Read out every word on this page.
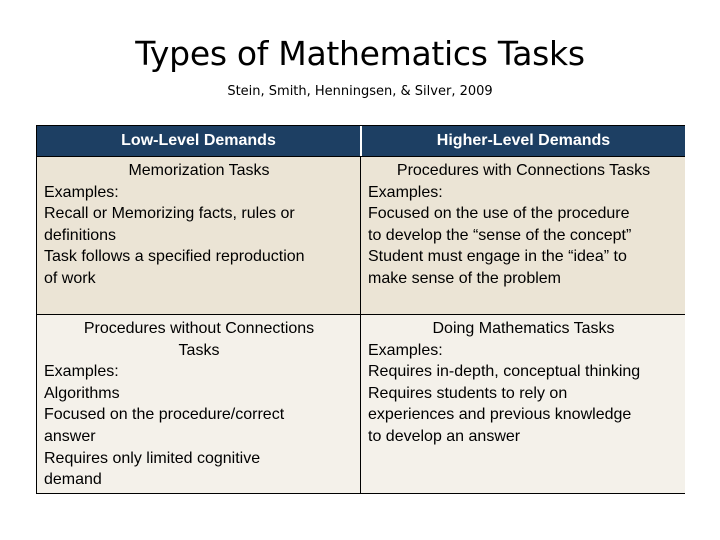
Types of Mathematics Tasks
Stein, Smith, Henningsen, & Silver, 2009
Low-Level Demands	Higher-Level Demands
Memorization Tasks
Examples:
Recall or Memorizing facts, rules or
definitions
Task follows a specified reproduction
of work
Procedures with Connections Tasks
Examples:
Focused on the use of the procedure
to develop the “sense of the concept”
Student must engage in the “idea” to
make sense of the problem
Procedures without Connections
Tasks
Examples:
Algorithms
Focused on the procedure/correct
answer
Requires only limited cognitive
demand
Doing Mathematics Tasks
Examples:
Requires in-depth, conceptual thinking
Requires students to rely on
experiences and previous knowledge
to develop an answer
